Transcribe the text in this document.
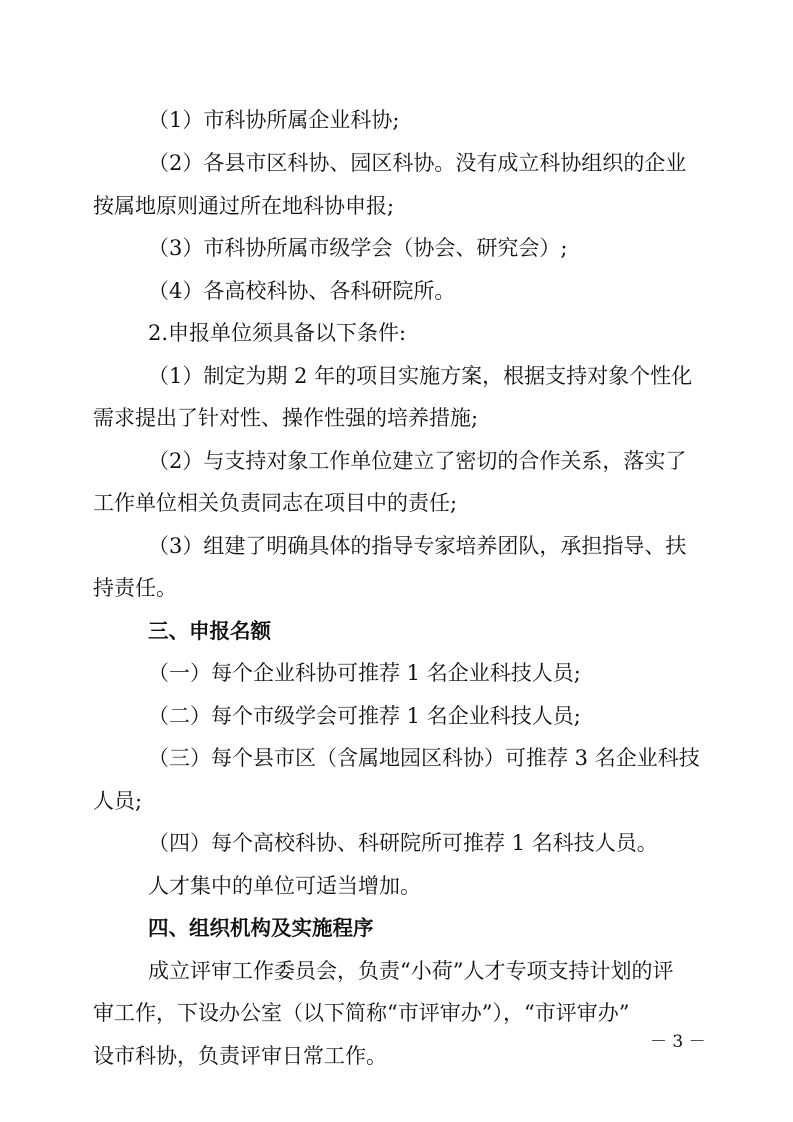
（1）市科协所属企业科协;
（2）各县市区科协、园区科协。没有成立科协组织的企业
按属地原则通过所在地科协申报;
（3）市科协所属市级学会（协会、研究会）;
（4）各高校科协、各科研院所。
2.申报单位须具备以下条件:
（1）制定为期 2 年的项目实施方案，根据支持对象个性化
需求提出了针对性、操作性强的培养措施;
（2）与支持对象工作单位建立了密切的合作关系，落实了
工作单位相关负责同志在项目中的责任;
（3）组建了明确具体的指导专家培养团队，承担指导、扶
持责任。
三、申报名额
（一）每个企业科协可推荐 1 名企业科技人员;
（二）每个市级学会可推荐 1 名企业科技人员;
（三）每个县市区（含属地园区科协）可推荐 3 名企业科技
人员;
（四）每个高校科协、科研院所可推荐 1 名科技人员。
人才集中的单位可适当增加。
四、组织机构及实施程序
成立评审工作委员会，负责“小荷”人才专项支持计划的评
审工作，下设办公室（以下简称“市评审办”），“市评审办”
设市科协，负责评审日常工作。
－ 3 －
